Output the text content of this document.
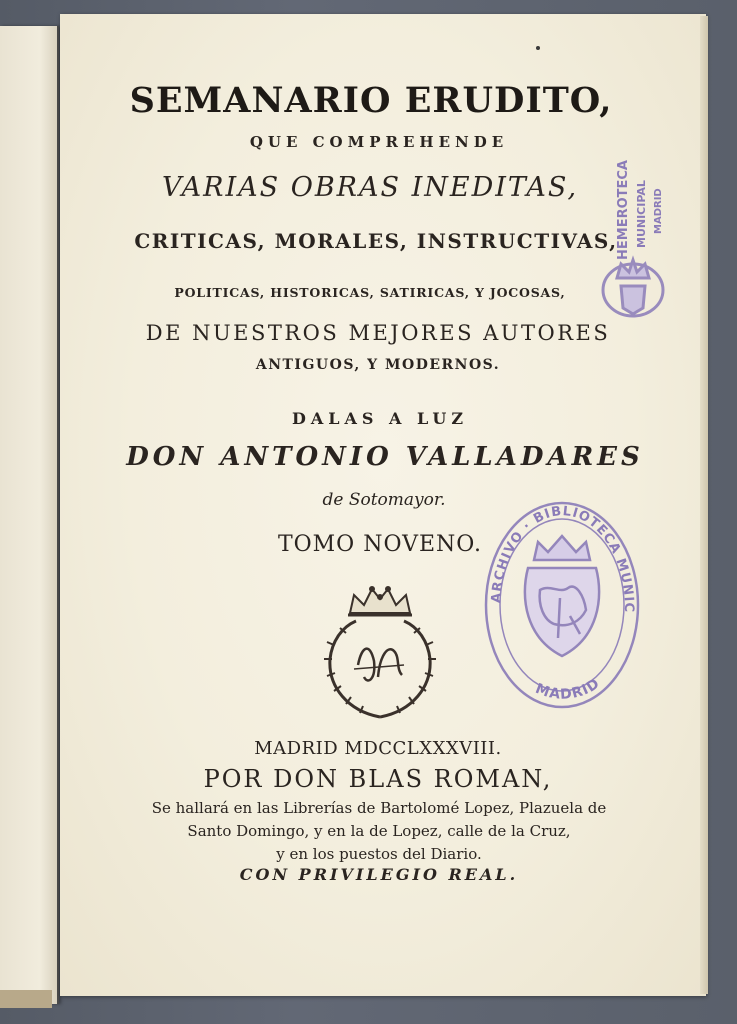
SEMANARIO ERUDITO,

QUE COMPREHENDE

VARIAS OBRAS INEDITAS,

CRITICAS, MORALES, INSTRUCTIVAS,

POLITICAS, HISTORICAS, SATIRICAS, Y JOCOSAS,

DE NUESTROS MEJORES AUTORES

ANTIGUOS, Y MODERNOS.

DALAS A LUZ

DON ANTONIO VALLADARES

de Sotomayor.

TOMO NOVENO.

HEMEROTECA MUNICIPAL MADRID
ARCHIVO · BIBLIOTECA MUNIC
MADRID

MADRID MDCCLXXXVIII.

POR DON BLAS ROMAN,

Se hallará en las Librerías de Bartolomé Lopez, Plazuela de

Santo Domingo, y en la de Lopez, calle de la Cruz,

y en los puestos del Diario.

CON PRIVILEGIO REAL.
